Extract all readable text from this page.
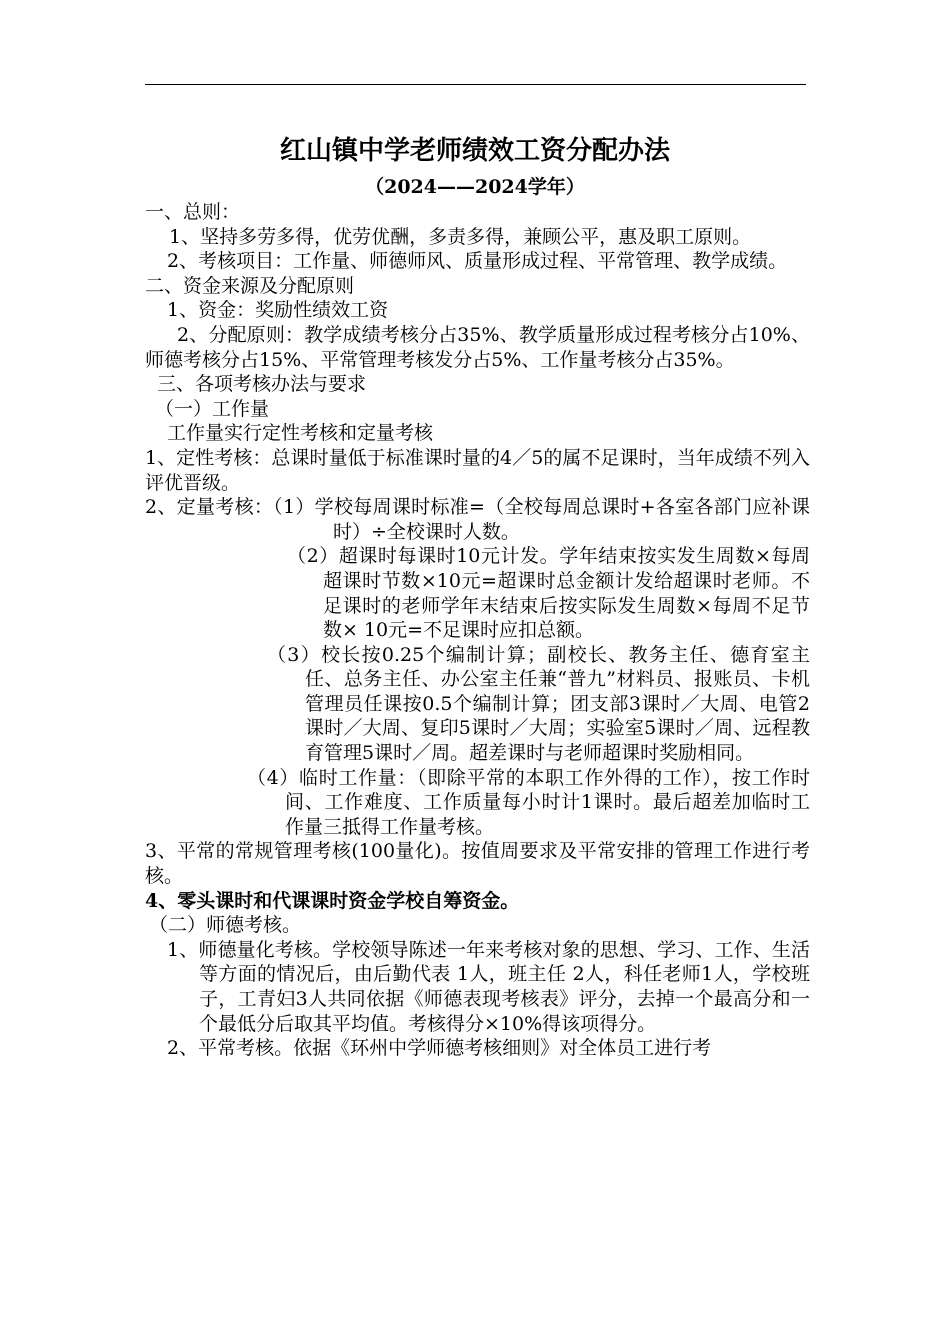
红山镇中学老师绩效工资分配办法
（2024——2024学年）

一、总则：

1、坚持多劳多得，优劳优酬，多责多得，兼顾公平，惠及职工原则。

2、考核项目：工作量、师德师风、质量形成过程、平常管理、教学成绩。

二、资金来源及分配原则

1、资金：奖励性绩效工资

2、分配原则：教学成绩考核分占35%、教学质量形成过程考核分占10%、师德考核分占15%、平常管理考核发分占5%、工作量考核分占35%。

三、各项考核办法与要求

（一）工作量

工作量实行定性考核和定量考核

1、定性考核：总课时量低于标准课时量的4／5的属不足课时，当年成绩不列入评优晋级。

2、定量考核：（1）学校每周课时标准=（全校每周总课时+各室各部门应补课时）÷全校课时人数。

（2）超课时每课时10元计发。学年结束按实发生周数×每周超课时节数×10元=超课时总金额计发给超课时老师。不足课时的老师学年末结束后按实际发生周数×每周不足节数× 10元=不足课时应扣总额。

（3）校长按0.25个编制计算；副校长、教务主任、德育室主任、总务主任、办公室主任兼“普九”材料员、报账员、卡机管理员任课按0.5个编制计算；团支部3课时／大周、电管2课时／大周、复印5课时／大周；实验室5课时／周、远程教育管理5课时／周。超差课时与老师超课时奖励相同。

（4）临时工作量：（即除平常的本职工作外得的工作），按工作时间、工作难度、工作质量每小时计1课时。最后超差加临时工作量三抵得工作量考核。

3、平常的常规管理考核(100量化)。按值周要求及平常安排的管理工作进行考核。

4、零头课时和代课课时资金学校自筹资金。

（二）师德考核。

1、师德量化考核。学校领导陈述一年来考核对象的思想、学习、工作、生活等方面的情况后，由后勤代表 1人，班主任 2人，科任老师1人，学校班子，工青妇3人共同依据《师德表现考核表》评分，去掉一个最高分和一个最低分后取其平均值。考核得分×10%得该项得分。

2、平常考核。依据《环州中学师德考核细则》对全体员工进行考
